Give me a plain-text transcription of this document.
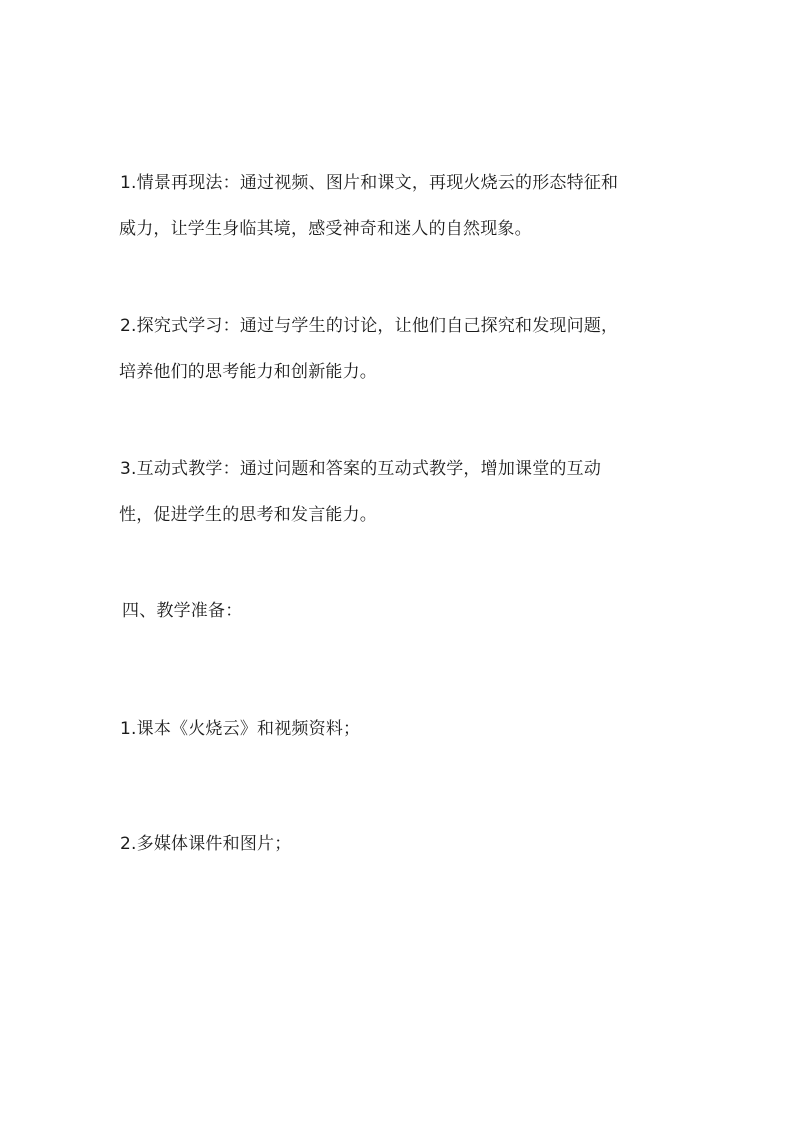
1.情景再现法：通过视频、图片和课文，再现火烧云的形态特征和
威力，让学生身临其境，感受神奇和迷人的自然现象。
2.探究式学习：通过与学生的讨论，让他们自己探究和发现问题，
培养他们的思考能力和创新能力。
3.互动式教学：通过问题和答案的互动式教学，增加课堂的互动
性，促进学生的思考和发言能力。
四、教学准备：
1.课本《火烧云》和视频资料；
2.多媒体课件和图片；
